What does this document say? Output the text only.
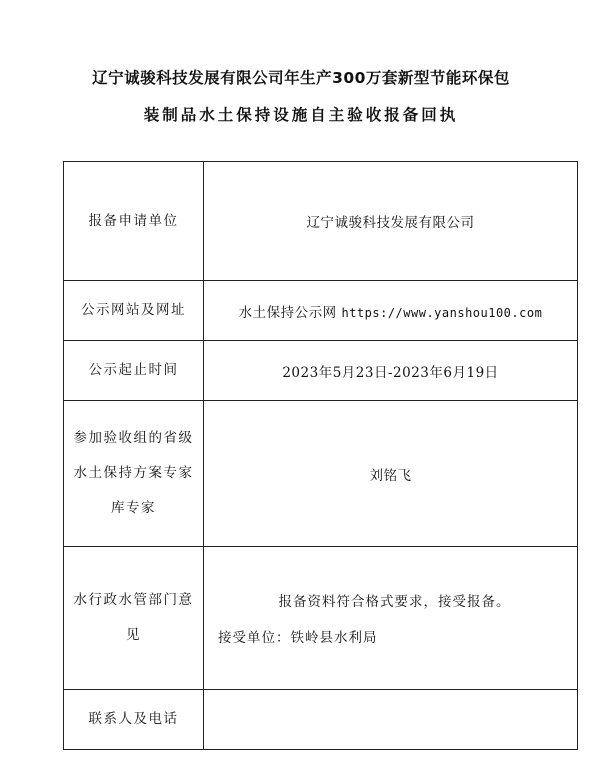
辽宁诚骏科技发展有限公司年生产300万套新型节能环保包
装制品水土保持设施自主验收报备回执
报备申请单位	辽宁诚骏科技发展有限公司
公示网站及网址	水土保持公示网 https://www.yanshou100.com
公示起止时间	2023年5月23日-2023年6月19日
参加验收组的省级水土保持方案专家库专家	刘铭飞
水行政水管部门意见	报备资料符合格式要求，接受报备。
接受单位：铁岭县水利局

联系人及电话	
